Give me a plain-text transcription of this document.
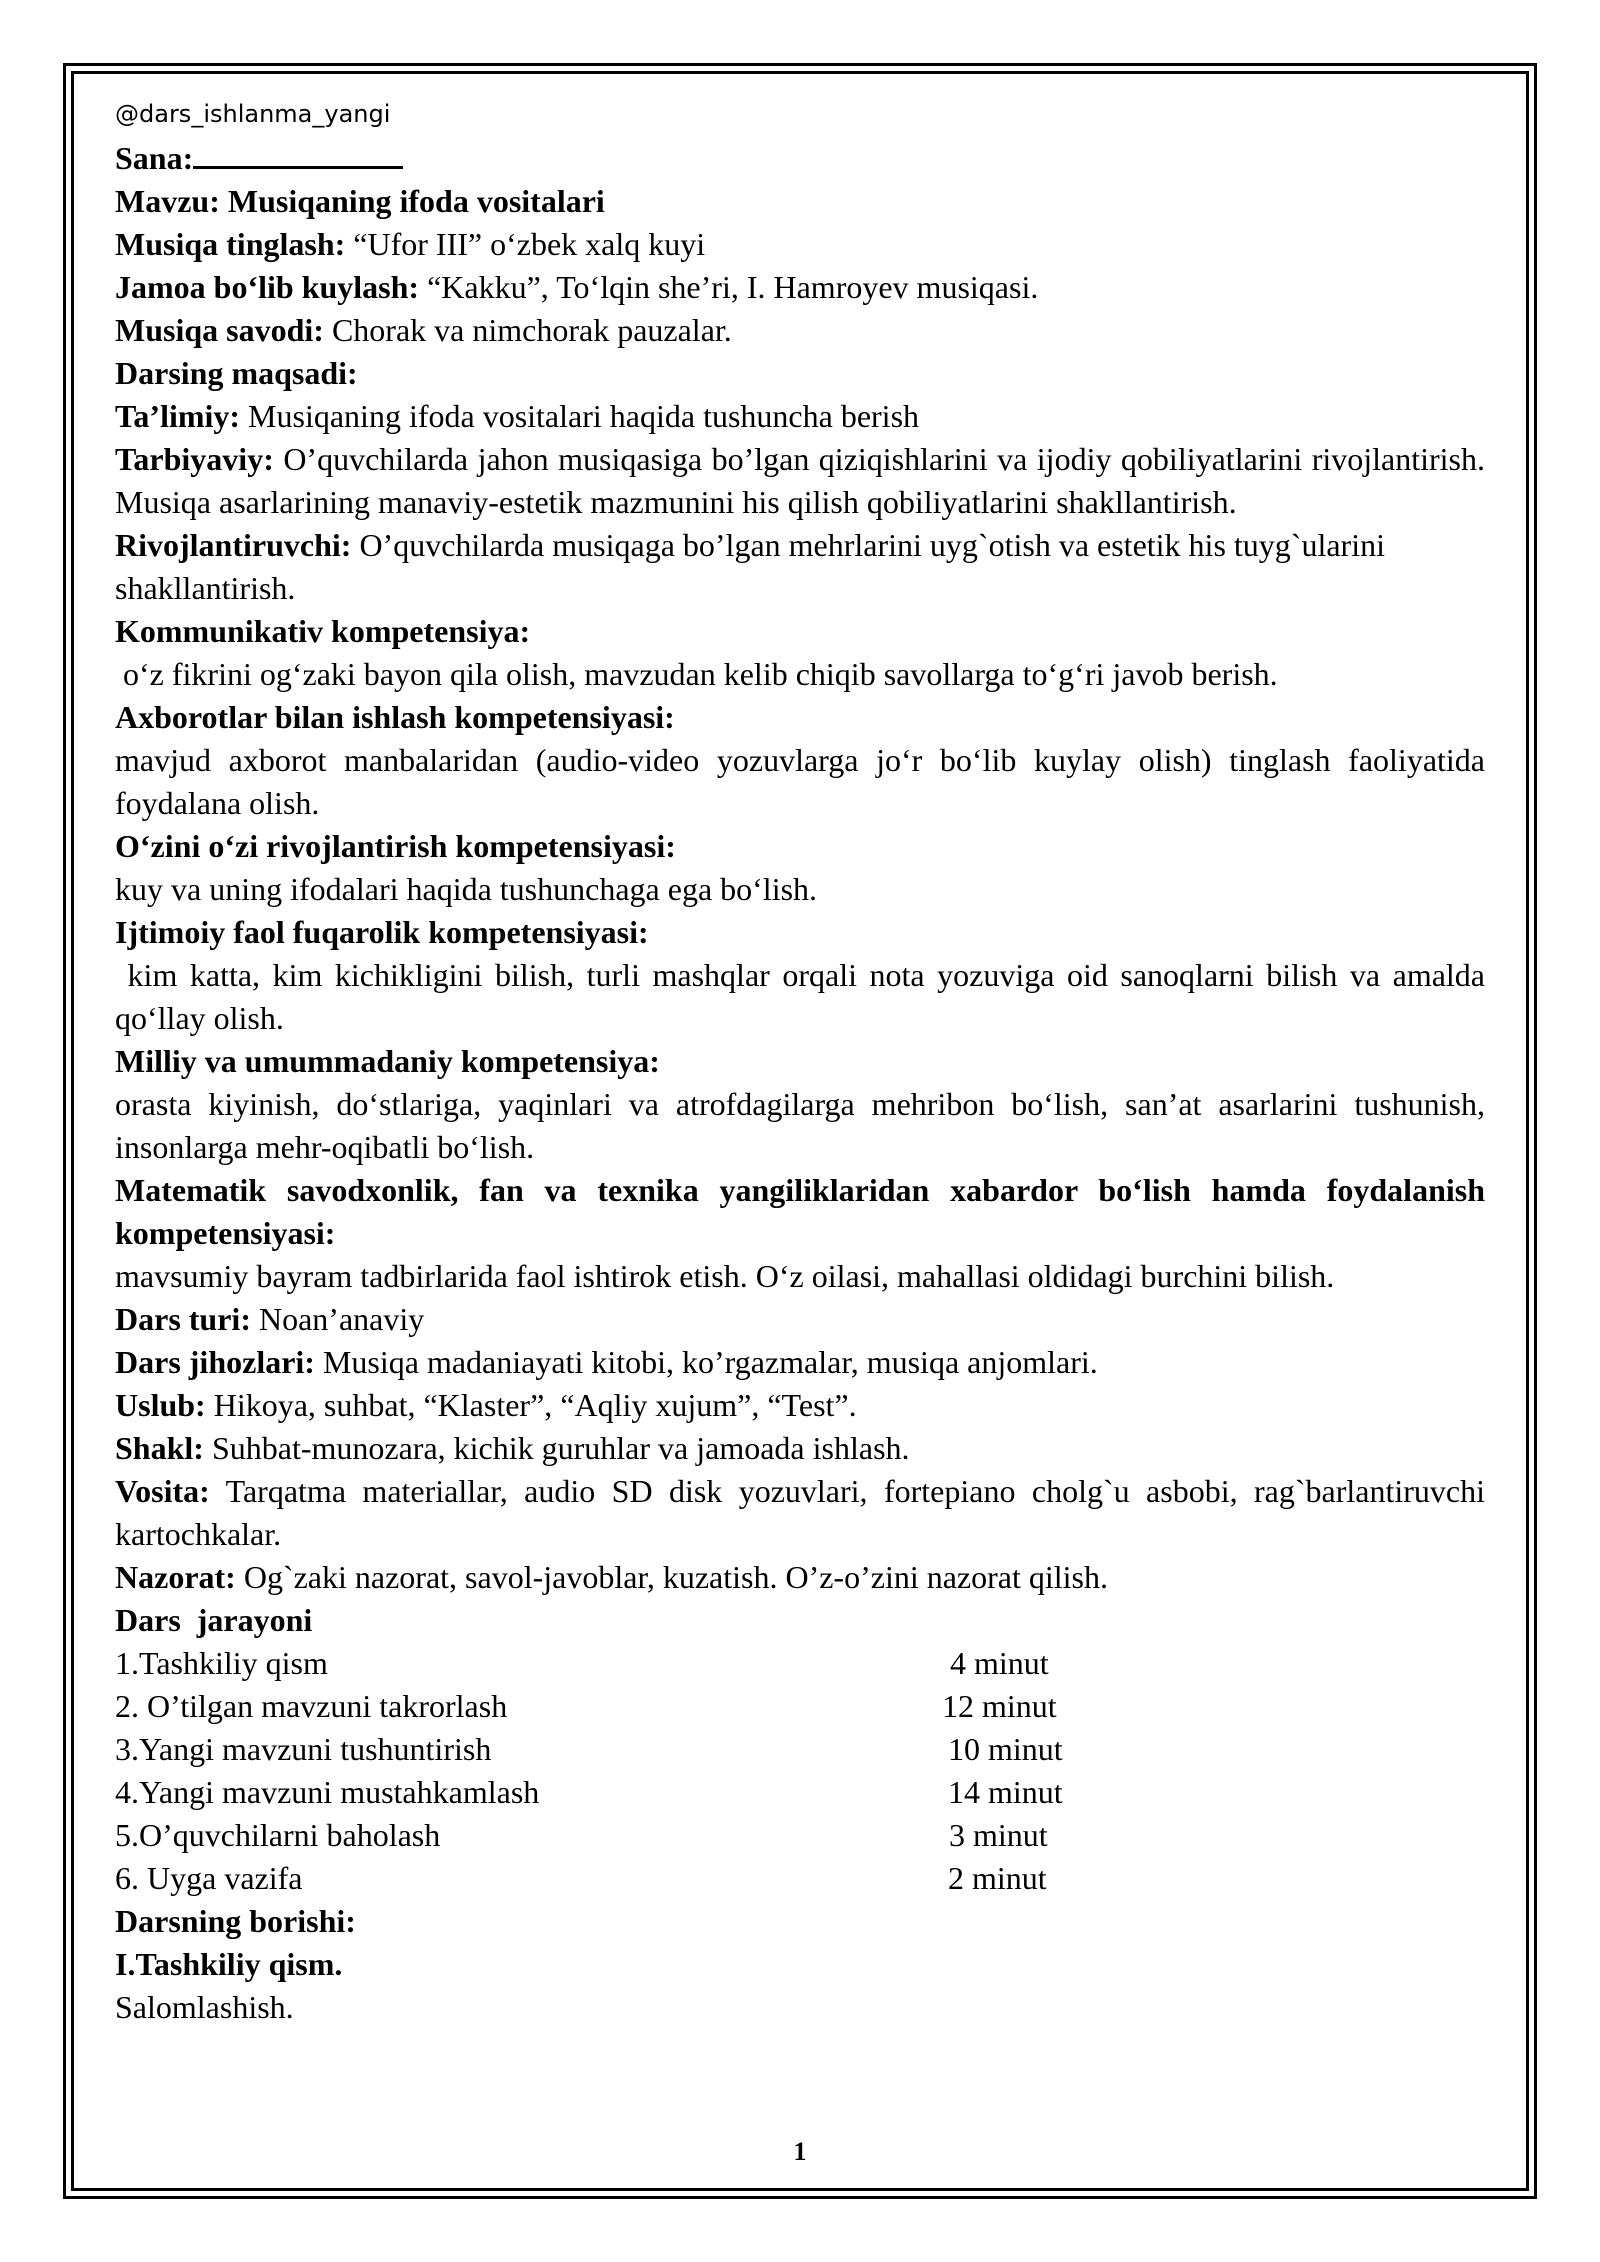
@dars_ishlanma_yangi
Sana:
Mavzu: Musiqaning ifoda vositalari
Musiqa tinglash: “Ufor III” o‘zbek xalq kuyi
Jamoa bo‘lib kuylash: “Kakku”, To‘lqin she’ri, I. Hamroyev musiqasi.
Musiqa savodi: Chorak va nimchorak pauzalar.
Darsing maqsadi:
Ta’limiy: Musiqaning ifoda vositalari haqida tushuncha berish
Tarbiyaviy: O’quvchilarda jahon musiqasiga bo’lgan qiziqishlarini va ijodiy qobiliyatlarini rivojlantirish. Musiqa asarlarining manaviy-estetik mazmunini his qilish qobiliyatlarini shakllantirish.
Rivojlantiruvchi: O’quvchilarda musiqaga bo’lgan mehrlarini uyg`otish va estetik his tuyg`ularini shakllantirish.
Kommunikativ kompetensiya:
o‘z fikrini og‘zaki bayon qila olish, mavzudan kelib chiqib savollarga to‘g‘ri javob berish.
Axborotlar bilan ishlash kompetensiyasi:
mavjud axborot manbalaridan (audio-video yozuvlarga jo‘r bo‘lib kuylay olish) tinglash faoliyatida foydalana olish.
O‘zini o‘zi rivojlantirish kompetensiyasi:
kuy va uning ifodalari haqida tushunchaga ega bo‘lish.
Ijtimoiy faol fuqarolik kompetensiyasi:
kim katta, kim kichikligini bilish, turli mashqlar orqali nota yozuviga oid sanoqlarni bilish va amalda qo‘llay olish.
Milliy va umummadaniy kompetensiya:
orasta kiyinish, do‘stlariga, yaqinlari va atrofdagilarga mehribon bo‘lish, san’at asarlarini tushunish, insonlarga mehr-oqibatli bo‘lish.
Matematik savodxonlik, fan va texnika yangiliklaridan xabardor bo‘lish hamda foydalanish kompetensiyasi:
mavsumiy bayram tadbirlarida faol ishtirok etish. O‘z oilasi, mahallasi oldidagi burchini bilish.
Dars turi: Noan’anaviy
Dars jihozlari: Musiqa madaniayati kitobi, ko’rgazmalar, musiqa anjomlari.
Uslub: Hikoya, suhbat, “Klaster”, “Aqliy xujum”, “Test”.
Shakl: Suhbat-munozara, kichik guruhlar va jamoada ishlash.
Vosita: Tarqatma materiallar, audio SD disk yozuvlari, fortepiano cholg`u asbobi, rag`barlantiruvchi kartochkalar.
Nazorat: Og`zaki nazorat, savol-javoblar, kuzatish. O’z-o’zini nazorat qilish.
Dars  jarayoni
1.Tashkiliy qism	4 minut
2. O’tilgan mavzuni takrorlash	12 minut
3.Yangi mavzuni tushuntirish	10 minut
4.Yangi mavzuni mustahkamlash	14 minut
5.O’quvchilarni baholash	3 minut
6. Uyga vazifa	2 minut
Darsning borishi:
I.Tashkiliy qism.
Salomlashish.
1
